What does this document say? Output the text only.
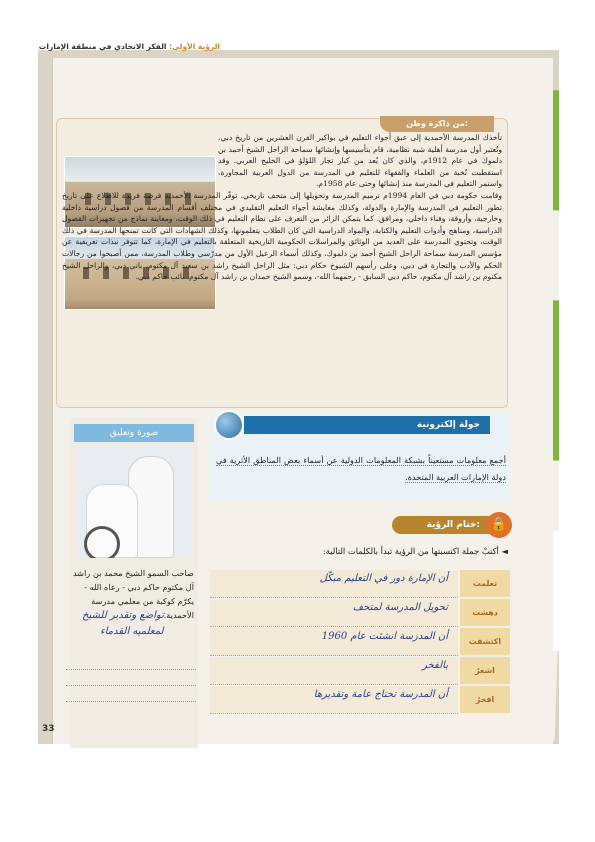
الرؤية الأولى: الفكر الاتحادي في منطقة الإمارات
من ذاكرة وطن:

تأخذك المدرسة الأحمدية إلى عبق أجواء التعليم في بواكير القرن العشرين من تاريخ دبي، وتُعتبر أول مدرسة أهلية شبه نظامية، قام بتأسيسها وإنشائها سماحة الراحل الشيخ أحمد بن دلموك في عام 1912م، والذي كان يُعد من كبار تجار اللؤلؤ في الخليج العربي. وقد استقطبت نُخبة من العلماء والفقهاء للتعليم في المدرسة من الدول العربية المجاورة، واستمر التعليم في المدرسة منذ إنشائها وحتى عام 1958م.

وقامت حكومة دبي في العام 1994م ترميم المدرسة وتحويلها إلى متحف تاريخي. توفّر المدرسة الأحمدية فرصة فريدة للاطلاع على تاريخ تطور التعليم في المدرسة والإمارة والدولة، وكذلك معايشة أجواء التعليم التقليدي في مختلف أقسام المدرسة من فصول دراسية داخلية وخارجية، وأروقة، وفناء داخلي، ومرافق. كما يتمكن الزائر من التعرف على نظام التعليم في ذلك الوقت، ومعاينة نماذج من تجهيزات الفصول الدراسية، ومناهج وأدوات التعليم والكتابة، والمواد الدراسية التي كان الطلاب يتعلمونها، وكذلك الشهادات التي كانت تمنحها المدرسة في ذلك الوقت، وتحتوي المدرسة على العديد من الوثائق والمراسلات الحكومية التاريخية المتعلقة بالتعليم في الإمارة، كما تتوفر نبذات تعريفية عن مؤسس المدرسة سماحة الراحل الشيخ أحمد بن دلموك، وكذلك أسماء الرعيل الأول من مدرّسي وطلاب المدرسة، ممن أصبحوا من رجالات الحكم والأدب والتجارة في دبي، وعلى رأسهم الشيوخ حكام دبي: مثل الراحل الشيخ راشد بن سعيد آل مكتوم، باني دبي، والراحل الشيخ مكتوم بن راشد آل مكتوم، حاكم دبي السابق - رحمهما الله-، وسمو الشيخ حمدان بن راشد آل مكتوم، نائب حاكم دبي.

صورة وتعليق
صاحب السمو الشيخ محمد بن راشد آل مكتوم حاكم دبي - رعاه الله - يكرّم كوكبة من معلمي مدرسة الأحمدية.
تواضع وتقدير للشيخ
لمعلميه القدماء
جولة إلكترونية
أجمع معلومات مستعيناً بشبكة المعلومات الدولية عن أسماء بعض المناطق الأثرية في دولة الإمارات العربية المتحدة.
ختام الرؤية: 🔒
◄ أكتبْ جملة اكتسبتها من الرؤية تبدأ بالكلمات التالية:
تعلمت
أن الإمارة دور في التعليم مبكّل
دهشت
تحويل المدرسة لمتحف
اكتشفت
أن المدرسة انشئت عام 1960
اشعرُ
بالفخر
افخرُ
أن المدرسة تحتاج عامة وتقديرها
33
